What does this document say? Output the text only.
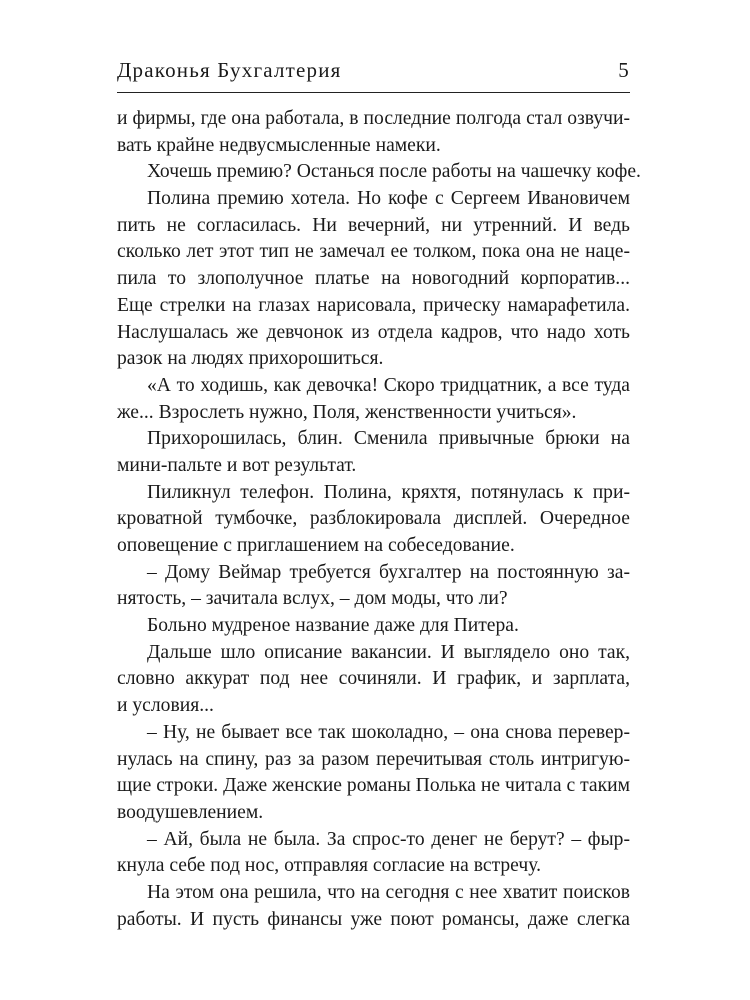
Драконья Бухгалтерия	5
и фирмы, где она работала, в последние полгода стал озвучи-
вать крайне недвусмысленные намеки.
Хочешь премию? Останься после работы на чашечку кофе.
Полина премию хотела. Но кофе с Сергеем Ивановичем
пить не согласилась. Ни вечерний, ни утренний. И ведь
сколько лет этот тип не замечал ее толком, пока она не наце-
пила то злополучное платье на новогодний корпоратив...
Еще стрелки на глазах нарисовала, прическу намарафетила.
Наслушалась же девчонок из отдела кадров, что надо хоть
разок на людях прихорошиться.
«А то ходишь, как девочка! Скоро тридцатник, а все туда
же... Взрослеть нужно, Поля, женственности учиться».
Прихорошилась, блин. Сменила привычные брюки на
мини-пальте и вот результат.
Пиликнул телефон. Полина, кряхтя, потянулась к при-
кроватной тумбочке, разблокировала дисплей. Очередное
оповещение с приглашением на собеседование.
– Дому Веймар требуется бухгалтер на постоянную за-
нятость, – зачитала вслух, – дом моды, что ли?
Больно мудреное название даже для Питера.
Дальше шло описание вакансии. И выглядело оно так,
словно аккурат под нее сочиняли. И график, и зарплата,
и условия...
– Ну, не бывает все так шоколадно, – она снова перевер-
нулась на спину, раз за разом перечитывая столь интригую-
щие строки. Даже женские романы Полька не читала с таким
воодушевлением.
– Ай, была не была. За спрос-то денег не берут? – фыр-
кнула себе под нос, отправляя согласие на встречу.
На этом она решила, что на сегодня с нее хватит поисков
работы. И пусть финансы уже поют романсы, даже слегка
